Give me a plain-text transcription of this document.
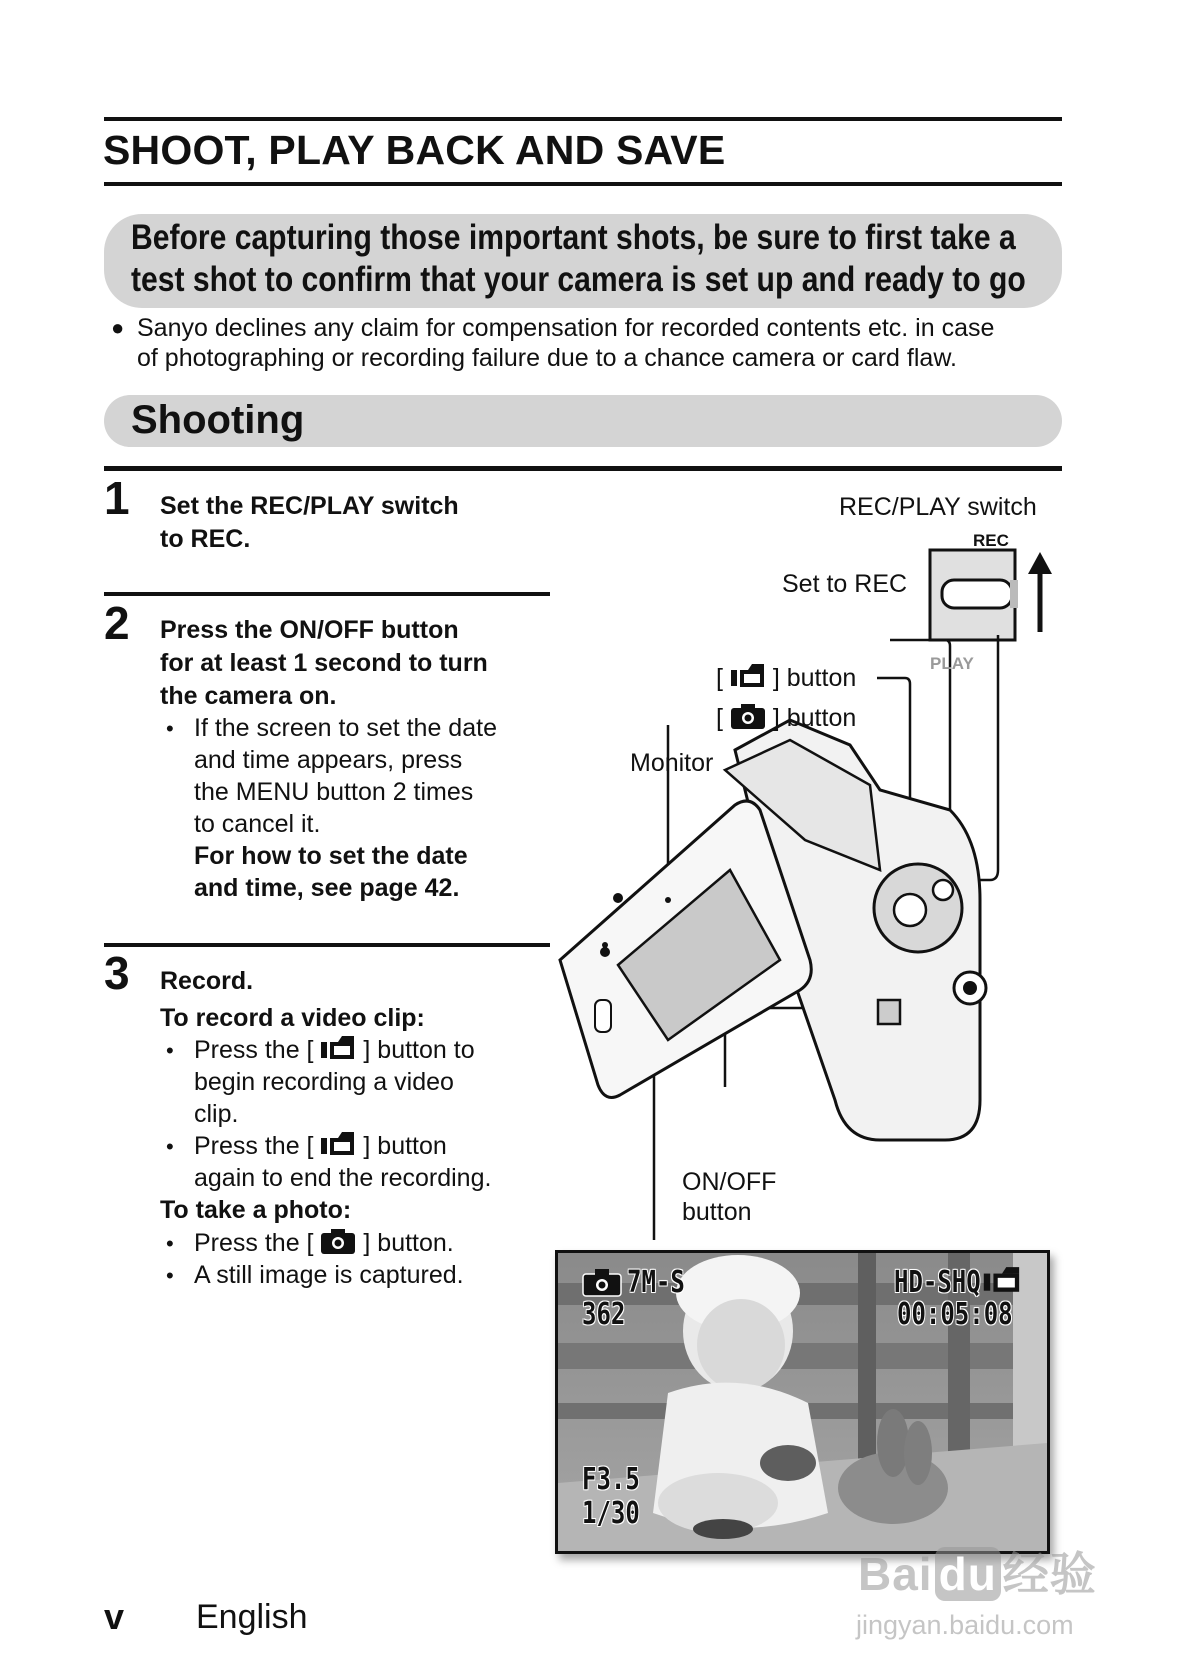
SHOOT, PLAY BACK AND SAVE
Before capturing those important shots, be sure to first take a
test shot to confirm that your camera is set up and ready to go
● Sanyo declines any claim for compensation for recorded contents etc. in case
of photographing or recording failure due to a chance camera or card flaw.
Shooting
1 Set the REC/PLAY switch
to REC.
2 Press the ON/OFF button
for at least 1 second to turn
the camera on.
• If the screen to set the date
and time appears, press
the MENU button 2 times
to cancel it.
For how to set the date
and time, see page 42.
3 Record.
To record a video clip:
• Press the [ ] button to
begin recording a video
clip.
• Press the [ ] button
again to end the recording.
To take a photo:
• Press the [ ] button.
• A still image is captured.
REC/PLAY switch
REC
Set to REC
PLAY
[ ] button
[ ] button
Monitor
ON/OFF
button
7M-S
362
HD-SHQ
00:05:08
F3.5
1/30
v English
Bai du 经验
jingyan.baidu.com
